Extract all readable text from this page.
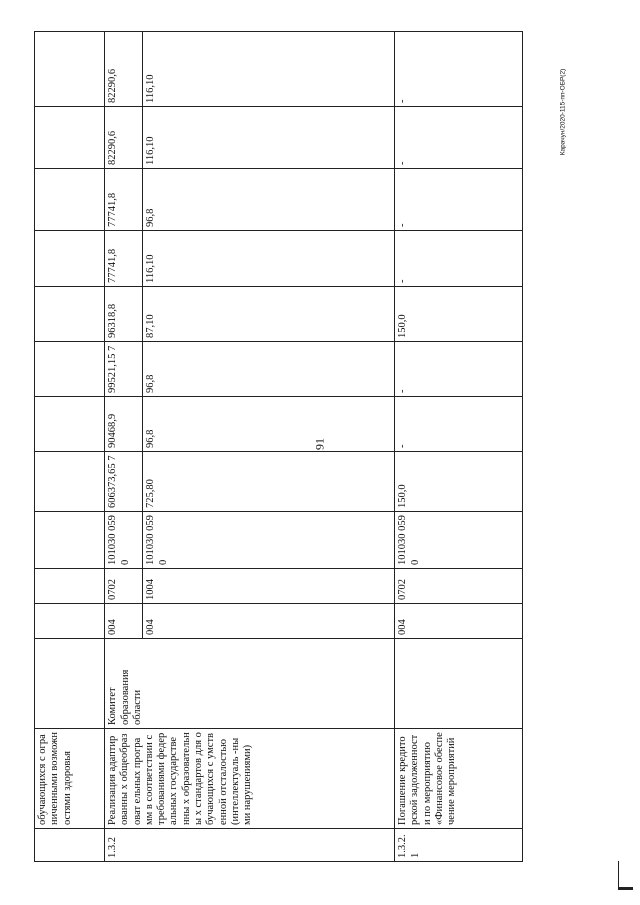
91
Карачун/2020-115-пп-ОБР(2)
	обучающихся с ограниченными возможностями здоровья												
1.3.2	Реализация адаптированны х общеобразоват ельных программ в соответствии с требованиями федеральных государственны х образовательны х стандартов для обучающихся с умственной отсталостью (интеллектуаль -ными нарушениями)	Комитет образования области	004	0702	101030 0590	606373,65 7	90468,9	99521,15 7	96318,8	77741,8	77741,8	82290,6	82290,6
			004	1004	101030 0590	725,80	96,8	96,8	87,10	116,10	96,8	116,10	116,10
1.3.2. 1	Погашение кредиторской задолженности по мероприятию «Финансовое обеспечение мероприятий		004	0702	101030 0590	150,0	-	-	150,0	-	-	-	-
